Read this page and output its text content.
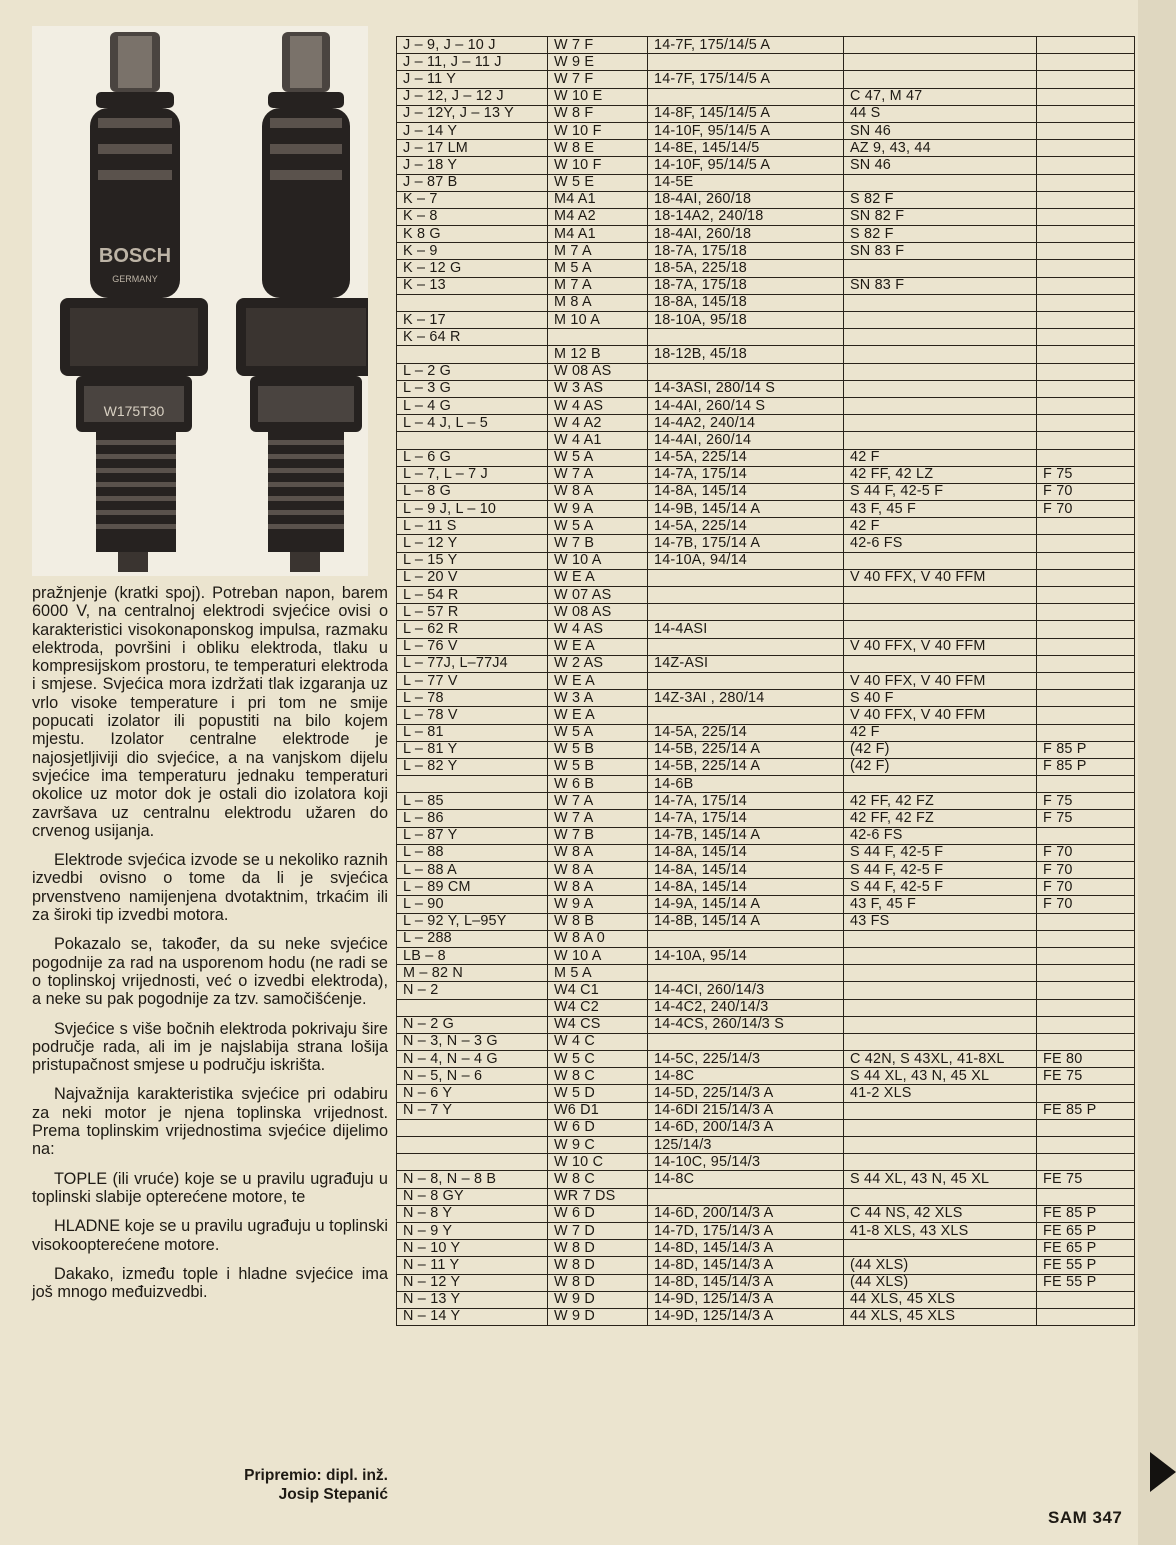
BOSCH
GERMANY
W175T30

pražnjenje (kratki spoj). Potreban napon, barem 6000 V, na centralnoj elektrodi svjećice ovisi o karakteristici visokonaponskog impulsa, razmaku elektroda, površini i obliku elektroda, tlaku u kompresijskom prostoru, te temperaturi elektroda i smjese. Svjećica mora izdržati tlak izgaranja uz vrlo visoke temperature i pri tom ne smije popucati izolator ili popustiti na bilo kojem mjestu. Izolator centralne elektrode je najosjetljiviji dio svjećice, a na vanjskom dijelu svjećice ima temperaturu jednaku temperaturi okolice uz motor dok je ostali dio izolatora koji završava uz centralnu elektrodu užaren do crvenog usijanja.

Elektrode svjećica izvode se u nekoliko raznih izvedbi ovisno o tome da li je svjećica prvenstveno namijenjena dvotaktnim, trkaćim ili za široki tip izvedbi motora.

Pokazalo se, također, da su neke svjećice pogodnije za rad na usporenom hodu (ne radi se o toplinskoj vrijednosti, već o izvedbi elektroda), a neke su pak pogodnije za tzv. samočišćenje.

Svjećice s više bočnih elektroda pokrivaju šire područje rada, ali im je najslabija strana lošija pristupačnost smjese u području iskrišta.

Najvažnija karakteristika svjećice pri odabiru za neki motor je njena toplinska vrijednost. Prema toplinskim vrijednostima svjećice dijelimo na:

TOPLE (ili vruće) koje se u pravilu ugrađuju u toplinski slabije opterećene motore, te

HLADNE koje se u pravilu ugrađuju u toplinski visokoopterećene motore.

Dakako, između tople i hladne svjećice ima još mnogo međuizvedbi.

Pripremio: dipl. inž.
Josip Stepanić
J – 9, J – 10 J	W 7 F	14-7F, 175/14/5 A		
J – 11, J – 11 J	W 9 E			
J – 11 Y	W 7 F	14-7F, 175/14/5 A		
J – 12, J – 12 J	W 10 E		C 47, M 47	
J – 12Y, J – 13 Y	W 8 F	14-8F, 145/14/5 A	44 S	
J – 14 Y	W 10 F	14-10F, 95/14/5 A	SN 46	
J – 17 LM	W 8 E	14-8E, 145/14/5	AZ 9, 43, 44	
J – 18 Y	W 10 F	14-10F, 95/14/5 A	SN 46	
J – 87 B	W 5 E	14-5E		
K – 7	M4 A1	18-4AI, 260/18	S 82 F	
K – 8	M4 A2	18-14A2, 240/18	SN 82 F	
K 8 G	M4 A1	18-4AI, 260/18	S 82 F	
K – 9	M 7 A	18-7A, 175/18	SN 83 F	
K – 12 G	M 5 A	18-5A, 225/18		
K – 13	M 7 A	18-7A, 175/18	SN 83 F	
	M 8 A	18-8A, 145/18		
K – 17	M 10 A	18-10A, 95/18		
K – 64 R				
	M 12 B	18-12B, 45/18		
L – 2 G	W 08 AS			
L – 3 G	W 3 AS	14-3ASI, 280/14 S		
L – 4 G	W 4 AS	14-4AI, 260/14 S		
L – 4 J, L – 5	W 4 A2	14-4A2, 240/14		
	W 4 A1	14-4AI, 260/14		
L – 6 G	W 5 A	14-5A, 225/14	42 F	
L – 7, L – 7 J	W 7 A	14-7A, 175/14	42 FF, 42 LZ	F 75
L – 8 G	W 8 A	14-8A, 145/14	S 44 F, 42-5 F	F 70
L – 9 J, L – 10	W 9 A	14-9B, 145/14 A	43 F, 45 F	F 70
L – 11 S	W 5 A	14-5A, 225/14	42 F	
L – 12 Y	W 7 B	14-7B, 175/14 A	42-6 FS	
L – 15 Y	W 10 A	14-10A, 94/14		
L – 20 V	W E A		V 40 FFX, V 40 FFM	
L – 54 R	W 07 AS			
L – 57 R	W 08 AS			
L – 62 R	W 4 AS	14-4ASI		
L – 76 V	W E A		V 40 FFX, V 40 FFM	
L – 77J, L–77J4	W 2 AS	14Z-ASI		
L – 77 V	W E A		V 40 FFX, V 40 FFM	
L – 78	W 3 A	14Z-3AI , 280/14	S 40 F	
L – 78 V	W E A		V 40 FFX, V 40 FFM	
L – 81	W 5 A	14-5A, 225/14	42 F	
L – 81 Y	W 5 B	14-5B, 225/14 A	(42 F)	F 85 P
L – 82 Y	W 5 B	14-5B, 225/14 A	(42 F)	F 85 P
	W 6 B	14-6B		
L – 85	W 7 A	14-7A, 175/14	42 FF, 42 FZ	F 75
L – 86	W 7 A	14-7A, 175/14	42 FF, 42 FZ	F 75
L – 87 Y	W 7 B	14-7B, 145/14 A	42-6 FS	
L – 88	W 8 A	14-8A, 145/14	S 44 F, 42-5 F	F 70
L – 88 A	W 8 A	14-8A, 145/14	S 44 F, 42-5 F	F 70
L – 89 CM	W 8 A	14-8A, 145/14	S 44 F, 42-5 F	F 70
L – 90	W 9 A	14-9A, 145/14 A	43 F, 45 F	F 70
L – 92 Y, L–95Y	W 8 B	14-8B, 145/14 A	43 FS	
L – 288	W 8 A 0			
LB – 8	W 10 A	14-10A, 95/14		
M – 82 N	M 5 A			
N – 2	W4 C1	14-4CI, 260/14/3		
	W4 C2	14-4C2, 240/14/3		
N – 2 G	W4 CS	14-4CS, 260/14/3 S		
N – 3, N – 3 G	W 4 C			
N – 4, N – 4 G	W 5 C	14-5C, 225/14/3	C 42N, S 43XL, 41-8XL	FE 80
N – 5, N – 6	W 8 C	14-8C	S 44 XL, 43 N, 45 XL	FE 75
N – 6 Y	W 5 D	14-5D, 225/14/3 A	41-2 XLS	
N – 7 Y	W6 D1	14-6DI 215/14/3 A		FE 85 P
	W 6 D	14-6D, 200/14/3 A		
	W 9 C	125/14/3		
	W 10 C	14-10C, 95/14/3		
N – 8, N – 8 B	W 8 C	14-8C	S 44 XL, 43 N, 45 XL	FE 75
N – 8 GY	WR 7 DS			
N – 8 Y	W 6 D	14-6D, 200/14/3 A	C 44 NS, 42 XLS	FE 85 P
N – 9 Y	W 7 D	14-7D, 175/14/3 A	41-8 XLS, 43 XLS	FE 65 P
N – 10 Y	W 8 D	14-8D, 145/14/3 A		FE 65 P
N – 11 Y	W 8 D	14-8D, 145/14/3 A	(44 XLS)	FE 55 P
N – 12 Y	W 8 D	14-8D, 145/14/3 A	(44 XLS)	FE 55 P
N – 13 Y	W 9 D	14-9D, 125/14/3 A	44 XLS, 45 XLS	
N – 14 Y	W 9 D	14-9D, 125/14/3 A	44 XLS, 45 XLS	
SAM 347
